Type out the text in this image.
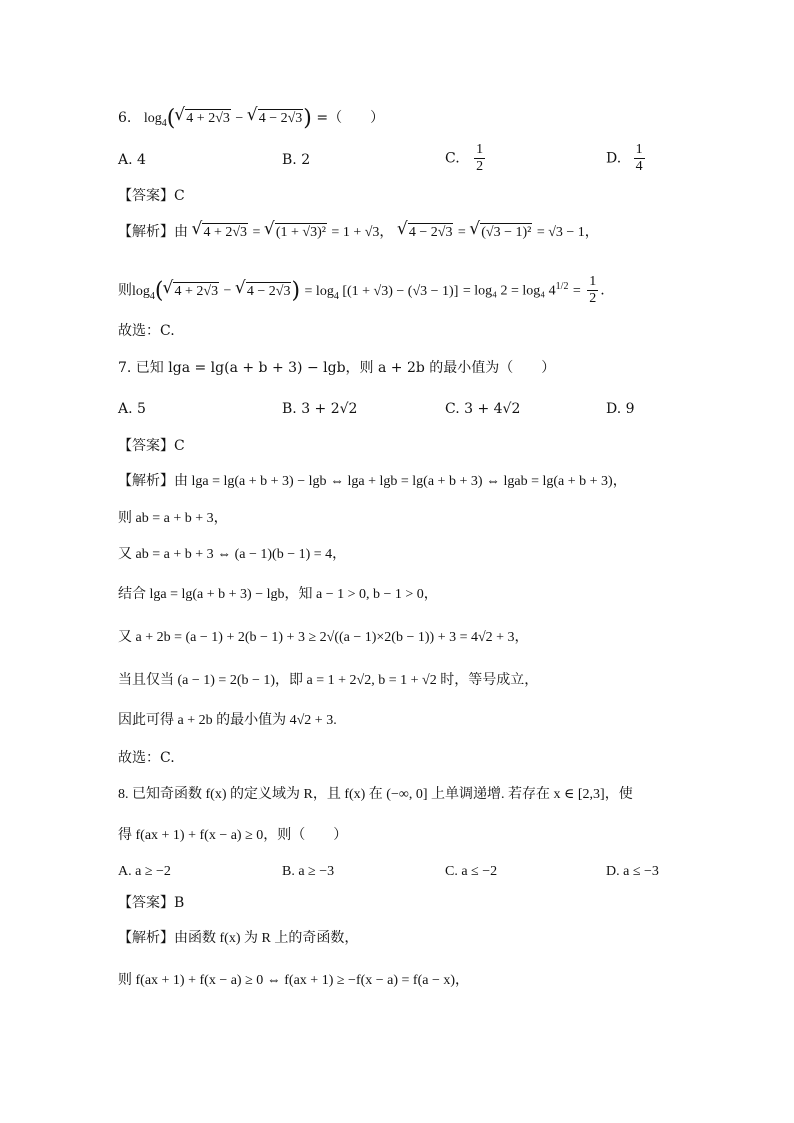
6. $\log_4(√$ 4 + 2√3 − √ 4 − 2√3) =（　　）
A. 4	B. 2	C. $\frac{1}{2}$	D. $\frac{1}{4}$
【答案】C
【解析】由 √ 4 + 2√3 = √ (1 + √3)² = 1 + √3， √ 4 − 2√3 = √ (√3 − 1)² = √3 − 1，
则$\log_4(√$ 4 + 2√3 − √ $4 - 2√3) = \log_4 [(1 + √3) - (√3 - 1)] = \log_4$ 2 = log₄ $4^{1/2} = \frac{1}{2}$ .
故选：C.
7. 已知 lga = lg(a + b + 3) − lgb，则 a + 2b 的最小值为（　　）
A. 5	B. 3 + 2√2	C. 3 + 4√2	D. 9
【答案】C
【解析】由 lga = lg(a + b + 3) − lgb ⇔ lga + lgb = lg(a + b + 3) ⇔ lgab = lg(a + b + 3)，
则 ab = a + b + 3，
又 ab = a + b + 3 ⇔ (a − 1)(b − 1) = 4，
结合 lga = lg(a + b + 3) − lgb，知 a − 1 > 0, b − 1 > 0，
又 a + 2b = (a − 1) + 2(b − 1) + 3 ≥ 2√((a − 1)×2(b − 1)) + 3 = 4√2 + 3，
当且仅当 (a − 1) = 2(b − 1)，即 a = 1 + 2√2, b = 1 + √2 时，等号成立，
因此可得 a + 2b 的最小值为 4√2 + 3.
故选：C.
8. 已知奇函数 f(x) 的定义域为 R，且 f(x) 在 (−∞, 0] 上单调递增. 若存在 x ∈ [2,3]，使
得 f(ax + 1) + f(x − a) ≥ 0，则（　　）
A. a ≥ −2	B. a ≥ −3	C. a ≤ −2	D. a ≤ −3
【答案】B
【解析】由函数 f(x) 为 R 上的奇函数，
则 f(ax + 1) + f(x − a) ≥ 0 ⇔ f(ax + 1) ≥ −f(x − a) = f(a − x)，
